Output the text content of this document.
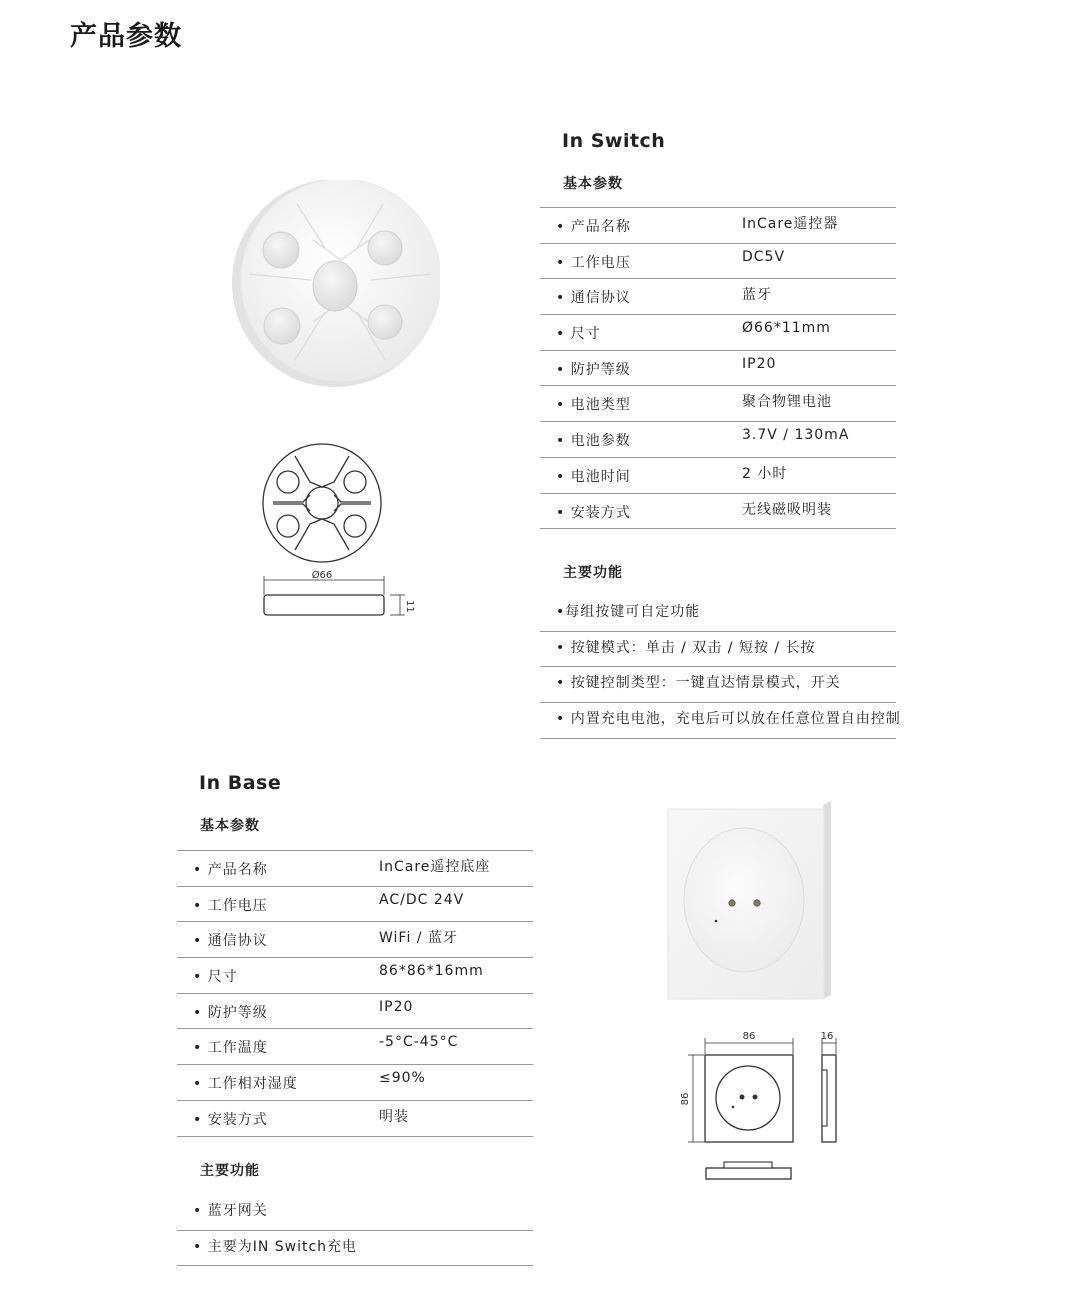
产品参数
In Switch
基本参数
• 产品名称	InCare遥控器
• 工作电压	DC5V
• 通信协议	蓝牙
• 尺寸	Ø66*11mm
• 防护等级	IP20
• 电池类型	聚合物锂电池
• 电池参数	3.7V / 130mA
• 电池时间	2 小时
• 安装方式	无线磁吸明装
主要功能
•每组按键可自定功能
• 按键模式：单击 / 双击 / 短按 / 长按
• 按键控制类型：一键直达情景模式，开关
• 内置充电电池，充电后可以放在任意位置自由控制
Ø66
11
In Base
基本参数
• 产品名称	InCare遥控底座
• 工作电压	AC/DC 24V
• 通信协议	WiFi / 蓝牙
• 尺寸	86*86*16mm
• 防护等级	IP20
• 工作温度	-5°C-45°C
• 工作相对湿度	≤90%
• 安装方式	明装
主要功能
• 蓝牙网关
• 主要为IN Switch充电
86
86
16
